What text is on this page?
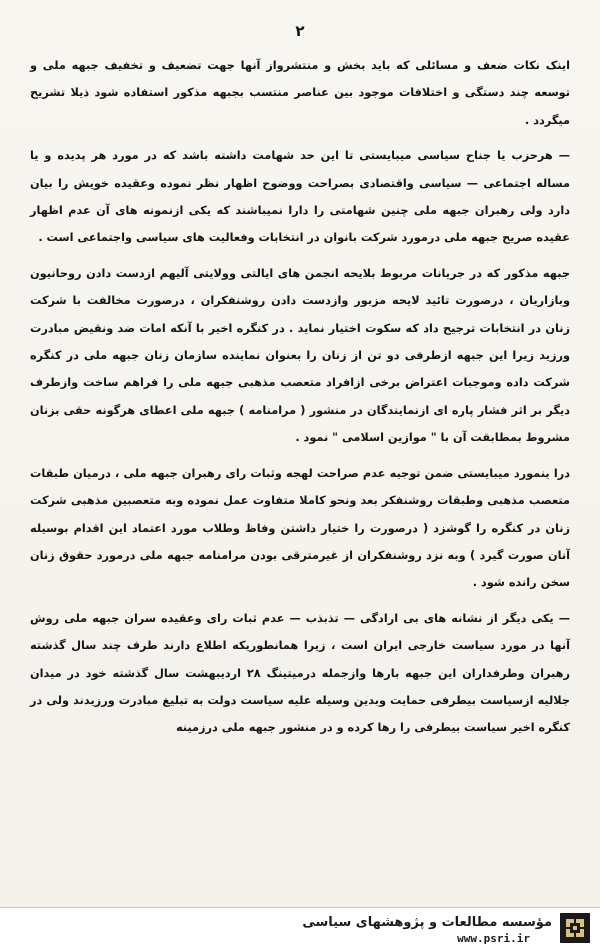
۲

اینک نکات ضعف و مسائلی که باید بخش و منتشرواز آنها جهت تضعیف و تخفیف جبهه ملی و توسعه چند دستگی و اختلافات موجود بین عناصر منتسب بجبهه مذکور استفاده شود ذیلا تشریح میگردد .

— هرحزب یا جناح سیاسی میبایستی تا این حد شهامت داشته باشد که در مورد هر پدیده و یا مساله اجتماعی — سیاسی واقتصادی بصراحت ووضوح اظهار نظر نموده وعقیده خویش را بیان دارد ولی رهبران جبهه ملی چنین شهامتی را دارا نمیباشند که یکی ازنمونه های آن عدم اظهار عقیده صریح جبهه ملی درمورد شرکت بانوان در انتخابات وفعالیت های سیاسی واجتماعی است .

جبهه مذکور که در جریانات مربوط بلایحه انجمن های ایالتی وولایتی آلیهم ازدست دادن روحانیون وبازاریان ، درصورت تائید لایحه مزبور وازدست دادن روشنفکران ، درصورت مخالفت با شرکت زنان در انتخابات ترجیح داد که سکوت اختیار نماید . در کنگره اخیر با آنکه امات ضد ونقیض مبادرت ورزید زیرا این جبهه ازطرفی دو تن از زنان را بعنوان نماینده سازمان زنان جبهه ملی در کنگره شرکت داده وموجبات اعتراض برخی ازافراد متعصب مذهبی جبهه ملی را فراهم ساخت وازطرف دیگر بر اثر فشار پاره ای ازنمایندگان در منشور ( مرامنامه ) جبهه ملی اعطای هرگونه حقی بزنان مشروط بمطابقت آن با " موازین اسلامی " نمود .

درا ینمورد میبایستی ضمن توجیه عدم صراحت لهجه وثبات رای رهبران جبهه ملی ، درمیان طبقات متعصب مذهبی وطبقات روشنفکر بعد ونحو کاملا متفاوت عمل نموده وبه متعصبین مذهبی شرکت زنان در کنگره را گوشزد ( درصورت را ختیار داشتن وفاظ وطلاب مورد اعتماد این اقدام بوسیله آنان صورت گیرد ) وبه نزد روشنفکران از غیرمترقی بودن مرامنامه جبهه ملی درمورد حقوق زنان سخن رانده شود .

— یکی دیگر از نشانه های بی ارادگی — تذبذب — عدم ثبات رای وعقیده سران جبهه ملی روش آنها در مورد سیاست خارجی ایران است ، زیرا همانطوریکه اطلاع دارند طرف چند سال گذشته رهبران وطرفداران این جبهه بارها وازجمله درمیتینگ ۲۸ اردیبهشت سال گذشته خود در میدان جلالیه ازسیاست بیطرفی حمایت وبدین وسیله علیه سیاست دولت به تبلیغ مبادرت ورزیدند ولی در کنگره اخیر سیاست بیطرفی را رها کرده و در منشور جبهه ملی درزمینه

مؤسسه مطالعات و پژوهشهای سیاسی
www.psri.ir
